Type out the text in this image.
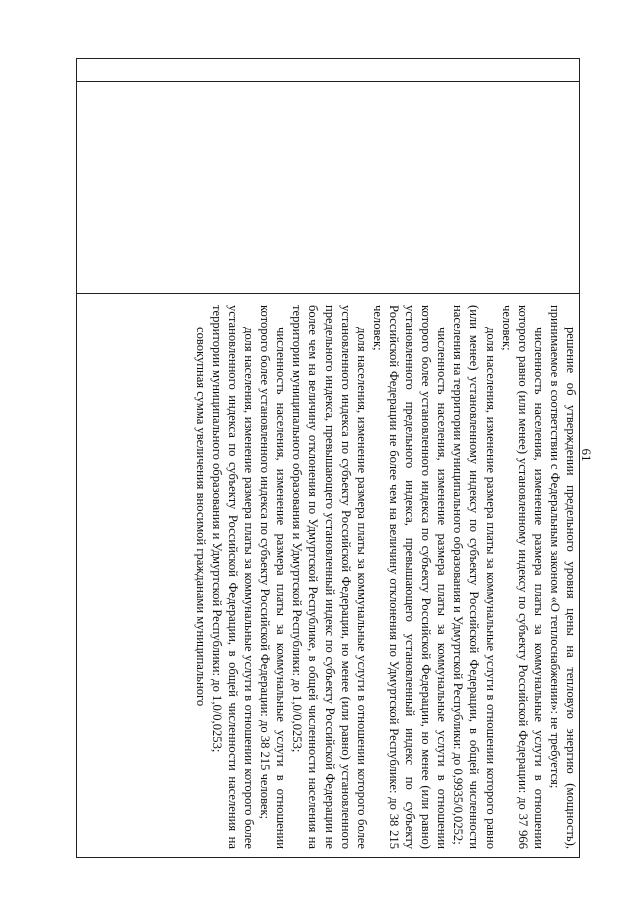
61

решение об утверждении предельного уровня цены на тепловую энергию (мощность), принимаемое в соответствии с Федеральным законом «О теплоснабжении»: не требуется;

численность населения, изменение размера платы за коммунальные услуги в отношении которого равно (или менее) установленному индексу по субъекту Российской Федерации: до 37 966 человек;

доля населения, изменение размера платы за коммунальные услуги в отношении которого равно (или менее) установленному индексу по субъекту Российской Федерации, в общей численности населения на территории муниципального образования и Удмуртской Республики: до 0,9935/0,0252;

численность населения, изменение размера платы за коммунальные услуги в отношении которого более установленного индекса по субъекту Российской Федерации, но менее (или равно) установленного предельного индекса, превышающего установленный индекс по субъекту Российской Федерации не более чем на величину отклонения по Удмуртской Республике: до 38 215 человек;

доля населения, изменение размера платы за коммунальные услуги в отношении которого более установленного индекса по субъекту Российской Федерации, но менее (или равно) установленного предельного индекса, превышающего установленный индекс по субъекту Российской Федерации не более чем на величину отклонения по Удмуртской Республике, в общей численности населения на территории муниципального образования и Удмуртской Республики: до 1,0/0,0253;

численность населения, изменение размера платы за коммунальные услуги в отношении которого более установленного индекса по субъекту Российской Федерации: до 38 215 человек;

доля населения, изменение размера платы за коммунальные услуги в отношении которого более установленного индекса по субъекту Российской Федерации, в общей численности населения на территории муниципального образования и Удмуртской Республики: до 1,0/0,0253;

совокупная сумма увеличения вносимой гражданами муниципального
